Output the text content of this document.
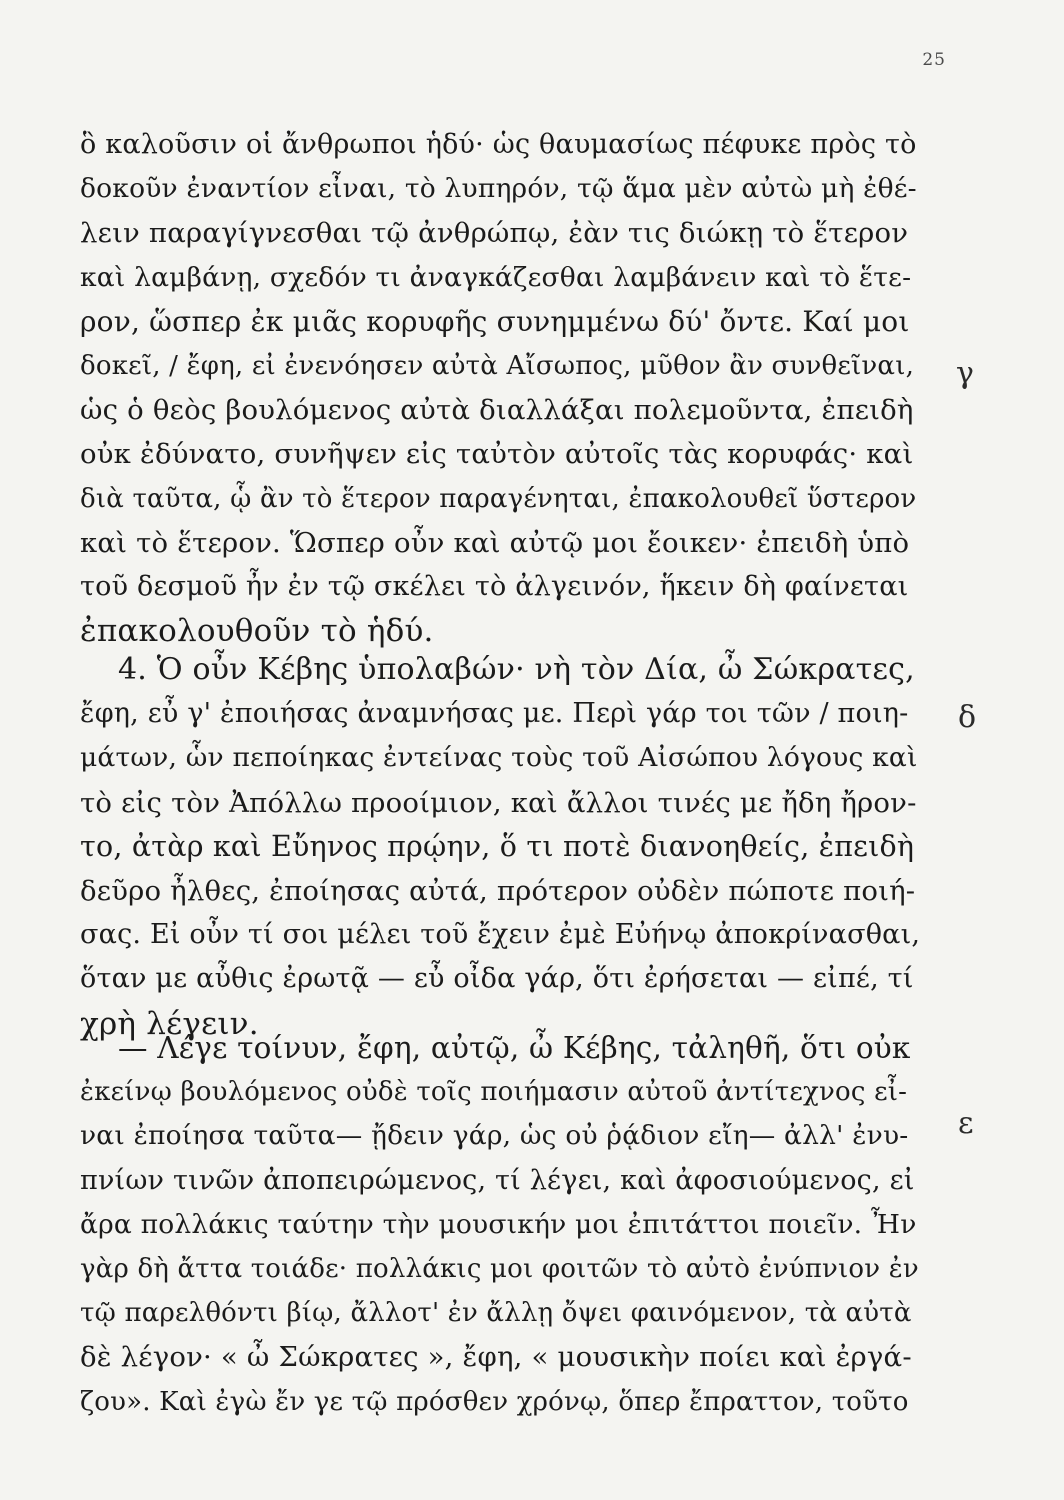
25
ὃ καλοῦσιν οἱ ἄνθρωποι ἡδύ· ὡς θαυμασίως πέφυκε πρὸς τὸ
δοκοῦν ἐναντίον εἶναι, τὸ λυπηρόν, τῷ ἅμα μὲν αὐτὼ μὴ ἐθέ-
λειν παραγίγνεσθαι τῷ ἀνθρώπῳ, ἐὰν τις διώκῃ τὸ ἕτερον
καὶ λαμβάνῃ, σχεδόν τι ἀναγκάζεσθαι λαμβάνειν καὶ τὸ ἕτε-
ρον, ὥσπερ ἐκ μιᾶς κορυφῆς συνημμένω δύ' ὄντε. Καί μοι
δοκεῖ, / ἔφη, εἰ ἐνενόησεν αὐτὰ Αἴσωπος, μῦθον ἂν συνθεῖναι,
ὡς ὁ θεὸς βουλόμενος αὐτὰ διαλλάξαι πολεμοῦντα, ἐπειδὴ
οὐκ ἐδύνατο, συνῆψεν εἰς ταὐτὸν αὐτοῖς τὰς κορυφάς· καὶ
διὰ ταῦτα, ᾧ ἂν τὸ ἕτερον παραγένηται, ἐπακολουθεῖ ὕστερον
καὶ τὸ ἕτερον. Ὥσπερ οὖν καὶ αὐτῷ μοι ἔοικεν· ἐπειδὴ ὑπὸ
τοῦ δεσμοῦ ἦν ἐν τῷ σκέλει τὸ ἀλγεινόν, ἥκειν δὴ φαίνεται
ἐπακολουθοῦν τὸ ἡδύ.
4. Ὁ οὖν Κέβης ὑπολαβών· νὴ τὸν Δία, ὦ Σώκρατες,
ἔφη, εὖ γ' ἐποιήσας ἀναμνήσας με. Περὶ γάρ τοι τῶν / ποιη-
μάτων, ὧν πεποίηκας ἐντείνας τοὺς τοῦ Αἰσώπου λόγους καὶ
τὸ εἰς τὸν Ἀπόλλω προοίμιον, καὶ ἄλλοι τινές με ἤδη ἤρον-
το, ἀτὰρ καὶ Εὔηνος πρῴην, ὅ τι ποτὲ διανοηθείς, ἐπειδὴ
δεῦρο ἦλθες, ἐποίησας αὐτά, πρότερον οὐδὲν πώποτε ποιή-
σας. Εἰ οὖν τί σοι μέλει τοῦ ἔχειν ἐμὲ Εὐήνῳ ἀποκρίνασθαι,
ὅταν με αὖθις ἐρωτᾷ — εὖ οἶδα γάρ, ὅτι ἐρήσεται — εἰπέ, τί
χρὴ λέγειν.
— Λέγε τοίνυν, ἔφη, αὐτῷ, ὦ Κέβης, τἀληθῆ, ὅτι οὐκ
ἐκείνῳ βουλόμενος οὐδὲ τοῖς ποιήμασιν αὐτοῦ ἀντίτεχνος εἶ-
ναι ἐποίησα ταῦτα— ᾔδειν γάρ, ὡς οὐ ῥᾴδιον εἴη— ἀλλ' ἐνυ-
πνίων τινῶν ἀποπειρώμενος, τί λέγει, καὶ ἀφοσιούμενος, εἰ
ἄρα πολλάκις ταύτην τὴν μουσικήν μοι ἐπιτάττοι ποιεῖν. Ἦν
γὰρ δὴ ἄττα τοιάδε· πολλάκις μοι φοιτῶν τὸ αὐτὸ ἐνύπνιον ἐν
τῷ παρελθόντι βίῳ, ἄλλοτ' ἐν ἄλλῃ ὄψει φαινόμενον, τὰ αὐτὰ
δὲ λέγον· « ὦ Σώκρατες », ἔφη, « μουσικὴν ποίει καὶ ἐργά-
ζου». Καὶ ἐγὼ ἔν γε τῷ πρόσθεν χρόνῳ, ὅπερ ἔπραττον, τοῦτο
γ
δ
ε
